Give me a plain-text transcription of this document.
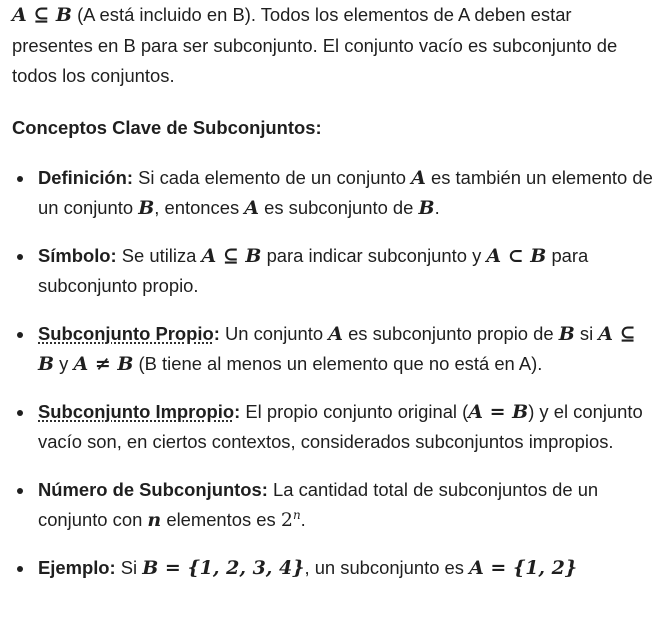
A ⊆ B (A está incluido en B). Todos los elementos de A deben estar presentes en B para ser subconjunto. El conjunto vacío es subconjunto de todos los conjuntos.

Conceptos Clave de Subconjuntos:
Definición: Si cada elemento de un conjunto A es también un elemento de un conjunto B, entonces A es subconjunto de B.
Símbolo: Se utiliza A ⊆ B para indicar subconjunto y A ⊂ B para subconjunto propio.
Subconjunto Propio: Un conjunto A es subconjunto propio de B si A ⊆ B y A ≠ B (B tiene al menos un elemento que no está en A).
Subconjunto Impropio: El propio conjunto original (A = B) y el conjunto vacío son, en ciertos contextos, considerados subconjuntos impropios.
Número de Subconjuntos: La cantidad total de subconjuntos de un conjunto con n elementos es 2$^n$.
Ejemplo: Si B = {1, 2, 3, 4}, un subconjunto es A = {1, 2}
